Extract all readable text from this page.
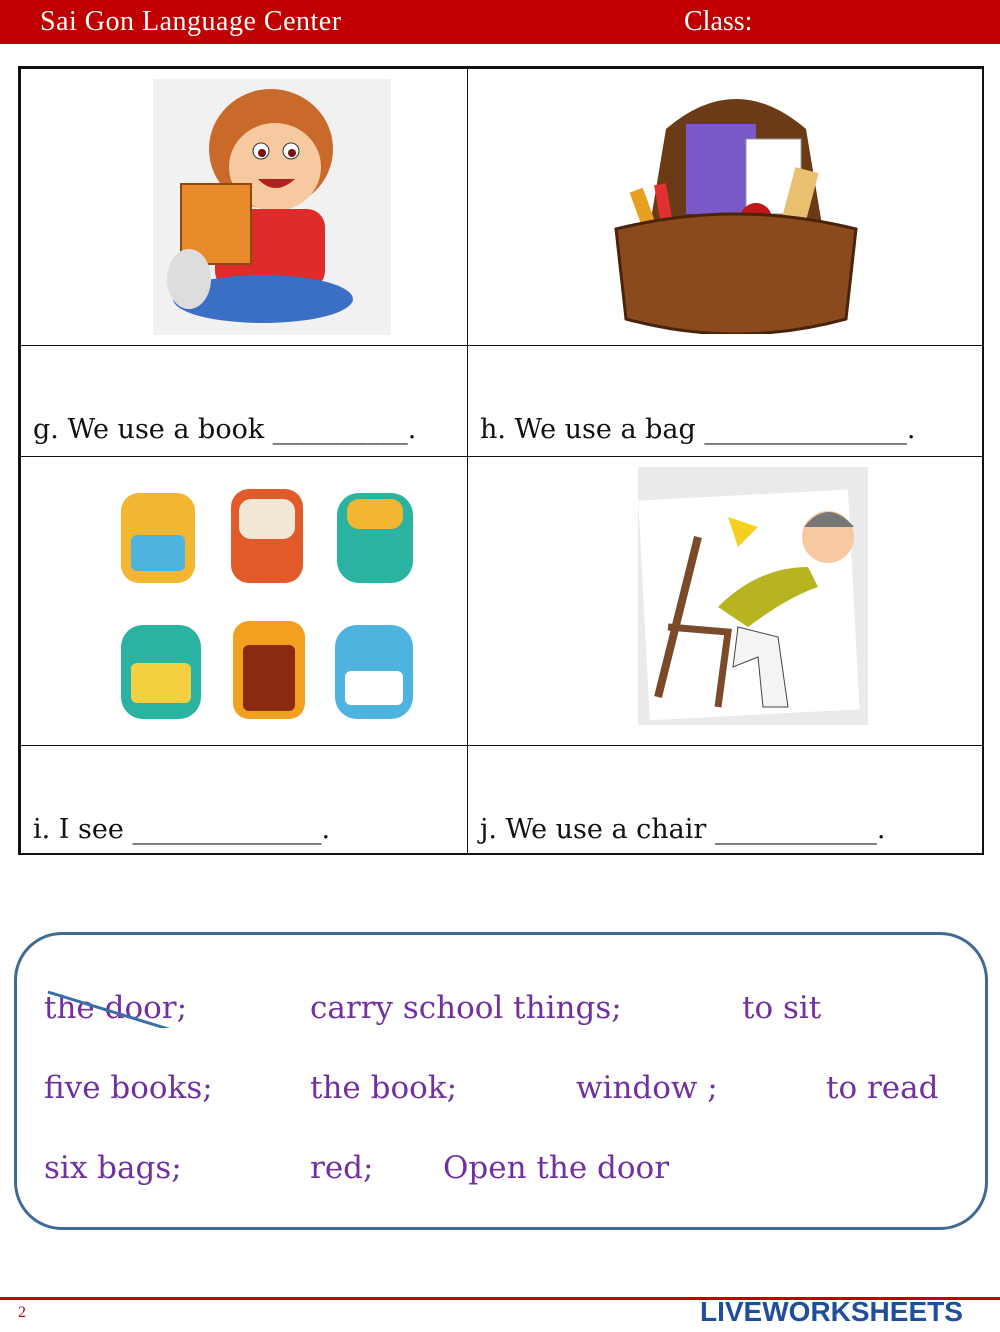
Sai Gon Language Center	Class:
g. We use a book __________. h. We use a bag _______________.
i. I see ______________.	j. We use a chair ____________.
the door;	carry school things;	to sit
five books;	the book;	window ;	to read
six bags;	red; Open the door
2	LIVEWORKSHEETS
